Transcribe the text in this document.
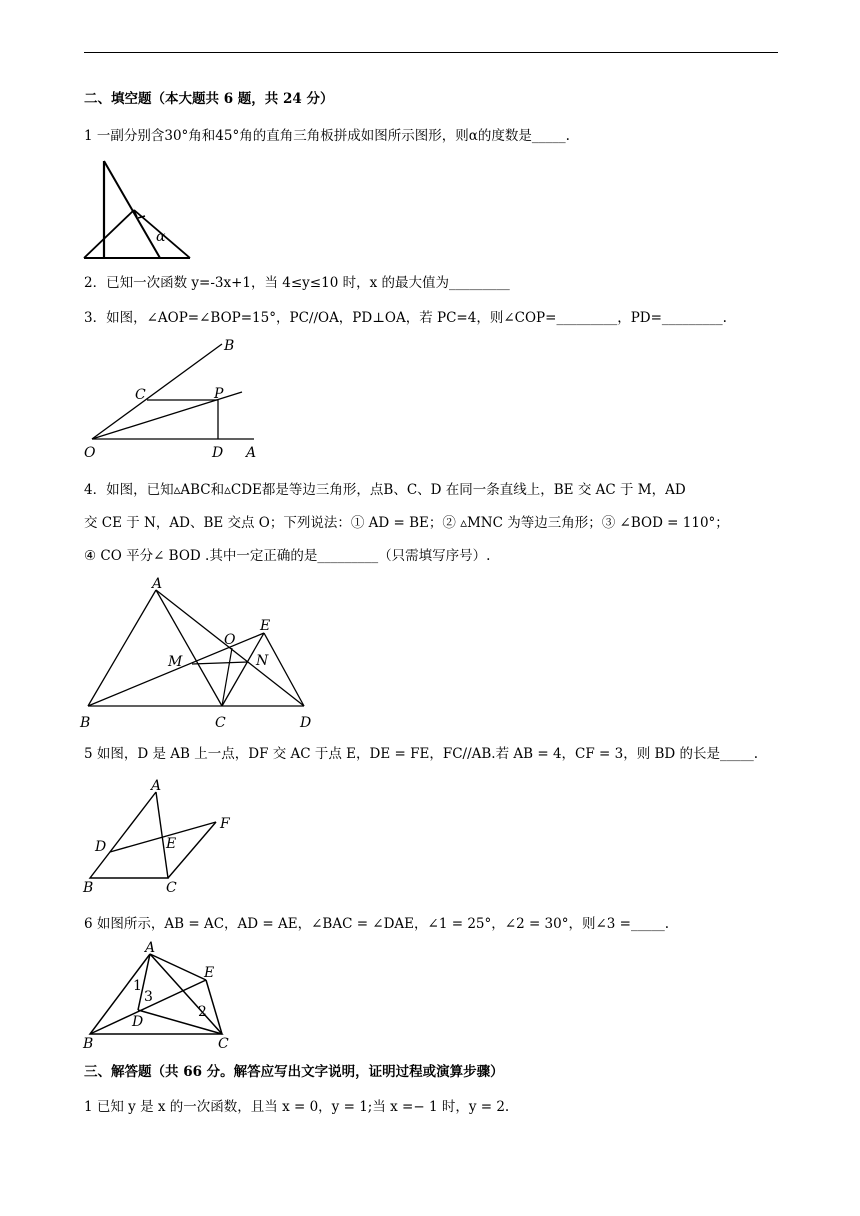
二、填空题（本大题共 6 题，共 24 分）
1 一副分别含30°角和45°角的直角三角板拼成如图所示图形，则α的度数是_____.
α
2．已知一次函数 y=-3x+1，当 4≤y≤10 时，x 的最大值为_________
3．如图，∠AOP=∠BOP=15°，PC∕∕OA，PD⊥OA，若 PC=4，则∠COP=_________，PD=_________.
B
C	P
O	D A
4．如图，已知▵ABC和▵CDE都是等边三角形，点B、C、D 在同一条直线上，BE 交 AC 于 M，AD
交 CE 于 N，AD、BE 交点 O；下列说法：① AD = BE；② ▵MNC 为等边三角形；③ ∠BOD = 110°；
④ CO 平分∠ BOD .其中一定正确的是_________（只需填写序号）.
A
O
E
M	N
B	C	D
5 如图，D 是 AB 上一点，DF 交 AC 于点 E，DE = FE，FC//AB.若 AB = 4，CF = 3，则 BD 的长是_____.
A
F
D	E
B	C
6 如图所示，AB = AC，AD = AE，∠BAC = ∠DAE，∠1 = 25°，∠2 = 30°，则∠3 =_____.
A
E
1
3
D
2
B	C
三、解答题（共 66 分。解答应写出文字说明，证明过程或演算步骤）
1 已知 y 是 x 的一次函数，且当 x = 0，y = 1;当 x =− 1 时，y = 2.
